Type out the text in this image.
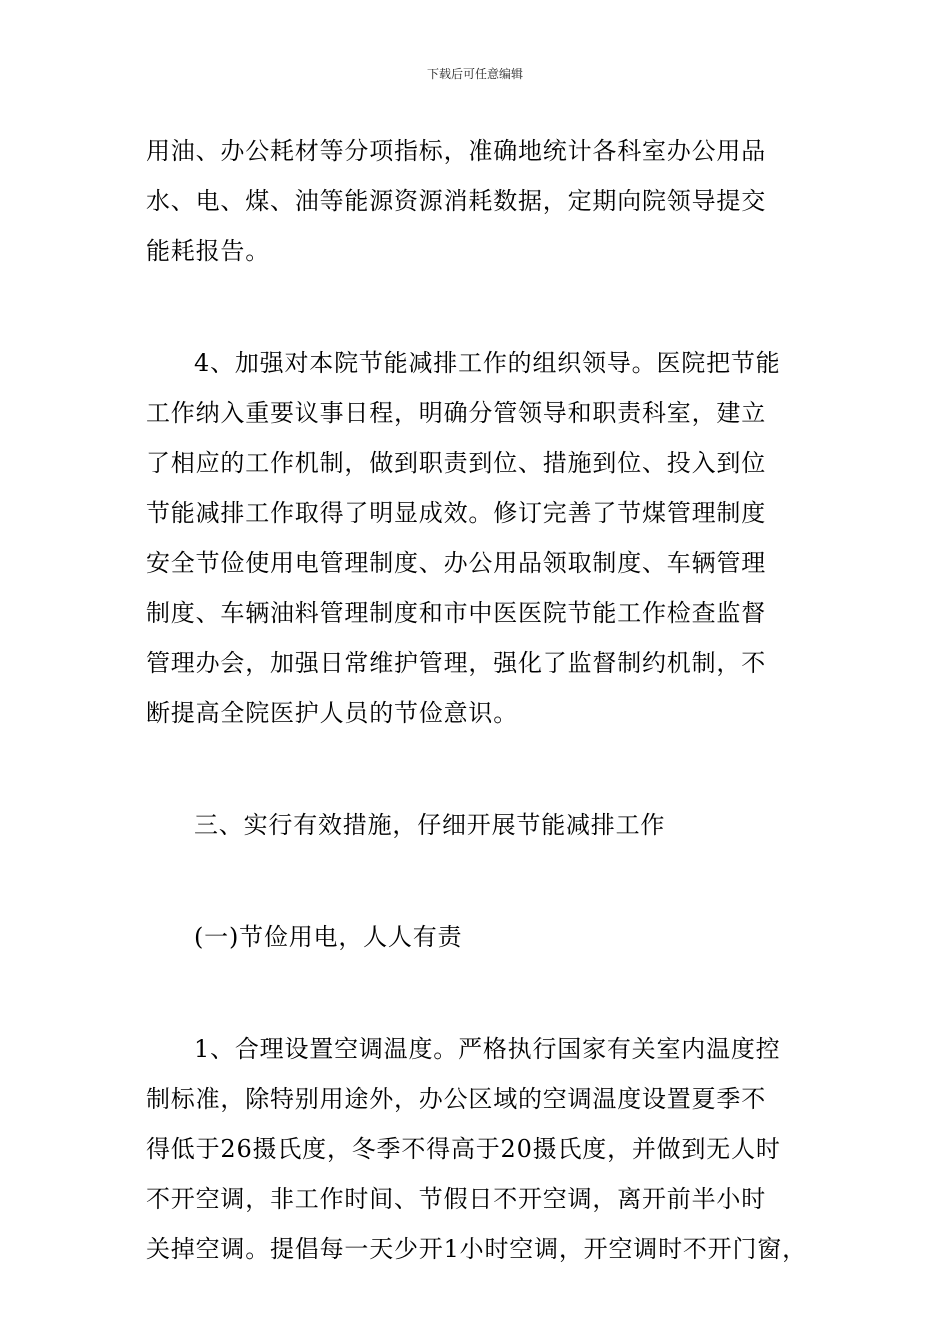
下载后可任意编辑
用油、办公耗材等分项指标，准确地统计各科室办公用品
水、电、煤、油等能源资源消耗数据，定期向院领导提交
能耗报告。
4、加强对本院节能减排工作的组织领导。医院把节能
工作纳入重要议事日程，明确分管领导和职责科室，建立
了相应的工作机制，做到职责到位、措施到位、投入到位
节能减排工作取得了明显成效。修订完善了节煤管理制度
安全节俭使用电管理制度、办公用品领取制度、车辆管理
制度、车辆油料管理制度和市中医医院节能工作检查监督
管理办会，加强日常维护管理，强化了监督制约机制，不
断提高全院医护人员的节俭意识。
三、实行有效措施，仔细开展节能减排工作
(一)节俭用电，人人有责
1、合理设置空调温度。严格执行国家有关室内温度控
制标准，除特别用途外，办公区域的空调温度设置夏季不
得低于26摄氏度，冬季不得高于20摄氏度，并做到无人时
不开空调，非工作时间、节假日不开空调，离开前半小时
关掉空调。提倡每一天少开1小时空调，开空调时不开门窗，
